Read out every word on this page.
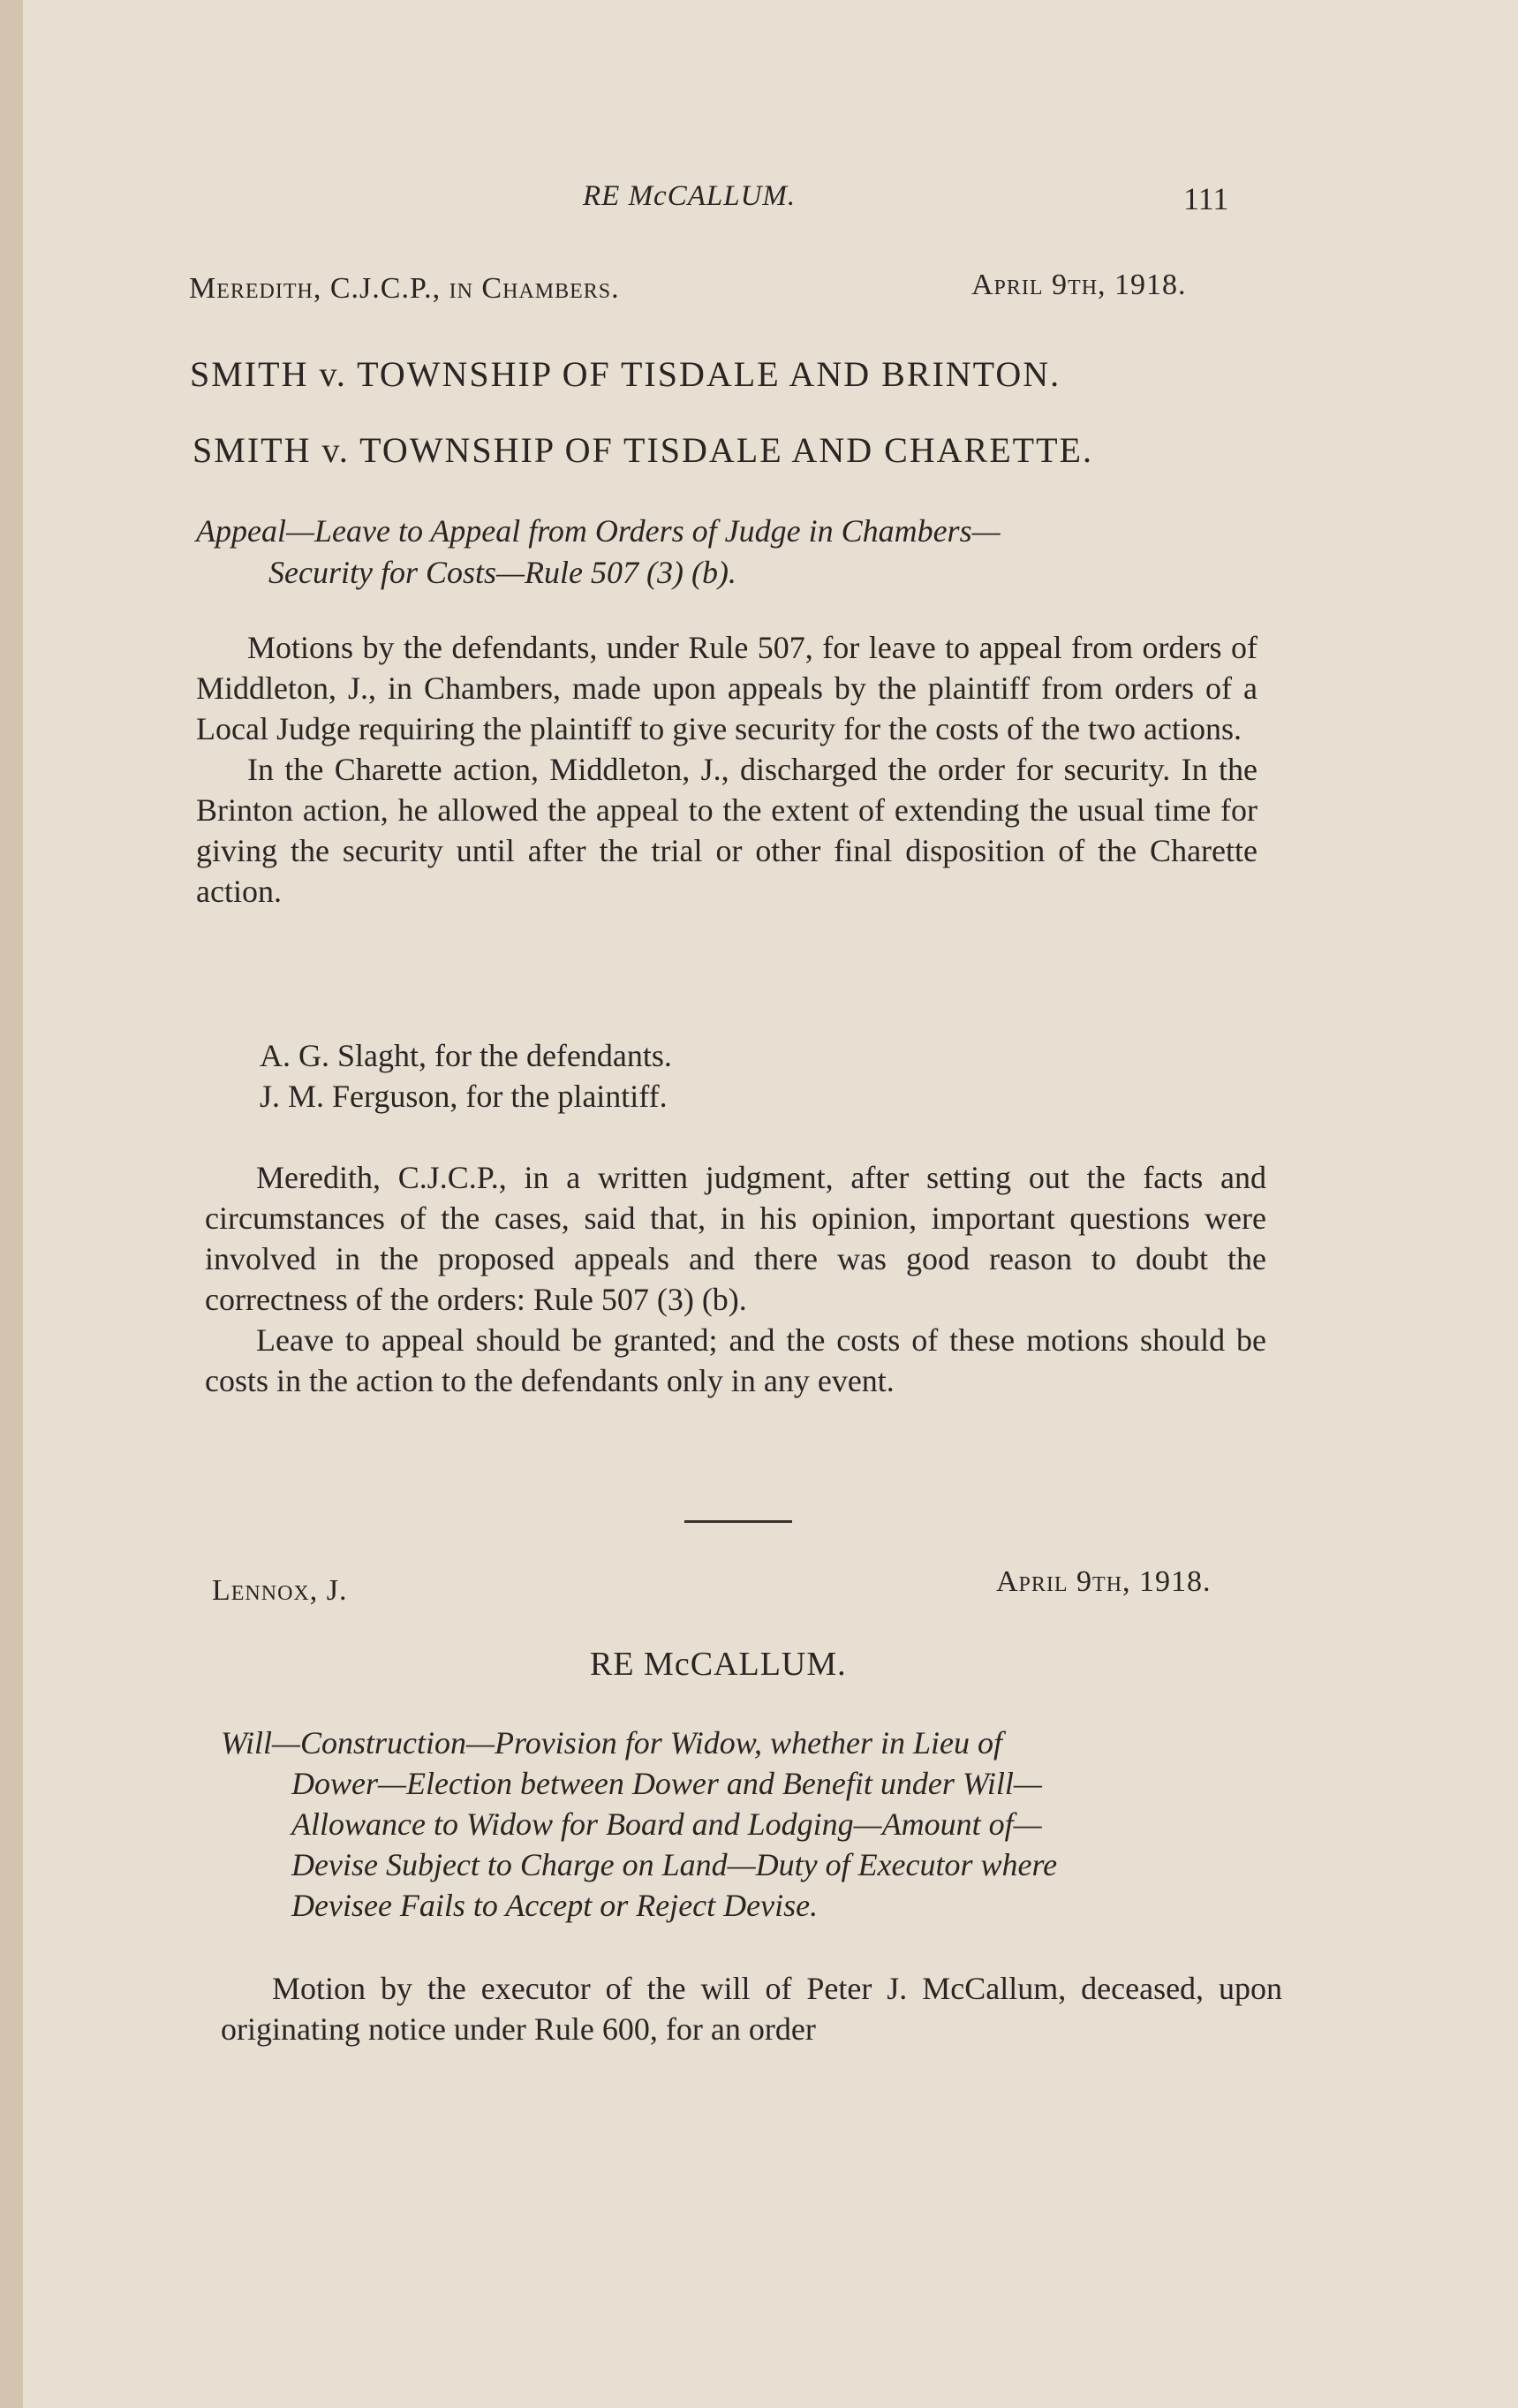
RE McCALLUM.	111
Meredith, C.J.C.P., in Chambers.	April 9th, 1918.
SMITH v. TOWNSHIP OF TISDALE AND BRINTON.
SMITH v. TOWNSHIP OF TISDALE AND CHARETTE.
Appeal—Leave to Appeal from Orders of Judge in Chambers—
Security for Costs—Rule 507 (3) (b).

Motions by the defendants, under Rule 507, for leave to appeal from orders of Middleton, J., in Chambers, made upon appeals by the plaintiff from orders of a Local Judge requiring the plaintiff to give security for the costs of the two actions.

In the Charette action, Middleton, J., discharged the order for security. In the Brinton action, he allowed the appeal to the extent of extending the usual time for giving the security until after the trial or other final disposition of the Charette action.

A. G. Slaght, for the defendants.
J. M. Ferguson, for the plaintiff.

Meredith, C.J.C.P., in a written judgment, after setting out the facts and circumstances of the cases, said that, in his opinion, important questions were involved in the proposed appeals and there was good reason to doubt the correctness of the orders: Rule 507 (3) (b).

Leave to appeal should be granted; and the costs of these motions should be costs in the action to the defendants only in any event.

Lennox, J.	April 9th, 1918.
RE McCALLUM.
Will—Construction—Provision for Widow, whether in Lieu of
Dower—Election between Dower and Benefit under Will—
Allowance to Widow for Board and Lodging—Amount of—
Devise Subject to Charge on Land—Duty of Executor where
Devisee Fails to Accept or Reject Devise.

Motion by the executor of the will of Peter J. McCallum, deceased, upon originating notice under Rule 600, for an order
